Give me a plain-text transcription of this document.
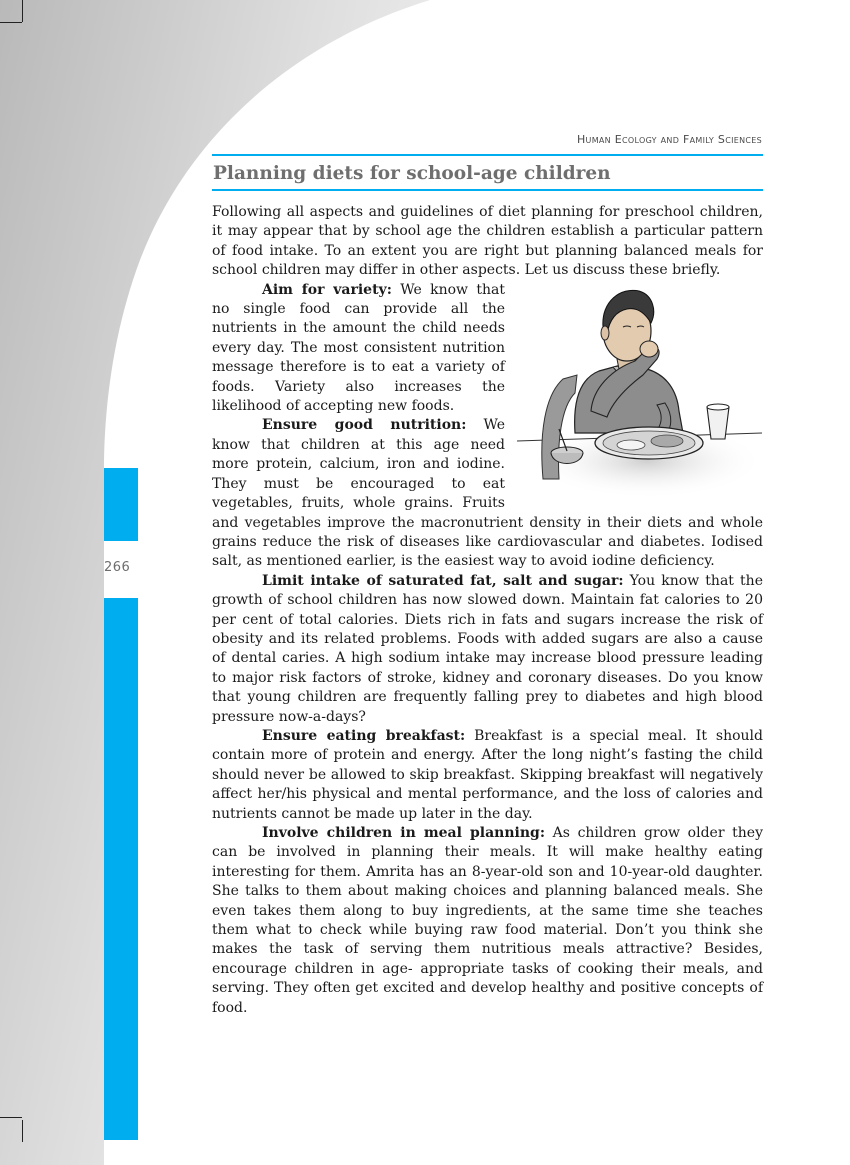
266
Human Ecology and Family Sciences
Planning diets for school-age children

Following all aspects and guidelines of diet planning for preschool children, it may appear that by school age the children establish a particular pattern of food intake. To an extent you are right but planning balanced meals for school children may differ in other aspects. Let us discuss these briefly.

Aim for variety: We know that no single food can provide all the nutrients in the amount the child needs every day. The most consistent nutrition message therefore is to eat a variety of foods. Variety also increases the likelihood of accepting new foods.

Ensure good nutrition: We know that children at this age need more protein, calcium, iron and iodine. They must be encouraged to eat vegetables, fruits, whole grains. Fruits and vegetables improve the macronutrient density in their diets and whole grains reduce the risk of diseases like cardiovascular and diabetes. Iodised salt, as mentioned earlier, is the easiest way to avoid iodine deficiency.

Limit intake of saturated fat, salt and sugar: You know that the growth of school children has now slowed down. Maintain fat calories to 20 per cent of total calories. Diets rich in fats and sugars increase the risk of obesity and its related problems. Foods with added sugars are also a cause of dental caries. A high sodium intake may increase blood pressure leading to major risk factors of stroke, kidney and coronary diseases. Do you know that young children are frequently falling prey to diabetes and high blood pressure now-a-days?

Ensure eating breakfast: Breakfast is a special meal. It should contain more of protein and energy. After the long night’s fasting the child should never be allowed to skip breakfast. Skipping breakfast will negatively affect her/his physical and mental performance, and the loss of calories and nutrients cannot be made up later in the day.

Involve children in meal planning: As children grow older they can be involved in planning their meals. It will make healthy eating interesting for them. Amrita has an 8-year-old son and 10-year-old daughter. She talks to them about making choices and planning balanced meals. She even takes them along to buy ingredients, at the same time she teaches them what to check while buying raw food material. Don’t you think she makes the task of serving them nutritious meals attractive? Besides, encourage children in age- appropriate tasks of cooking their meals, and serving. They often get excited and develop healthy and positive concepts of food.
